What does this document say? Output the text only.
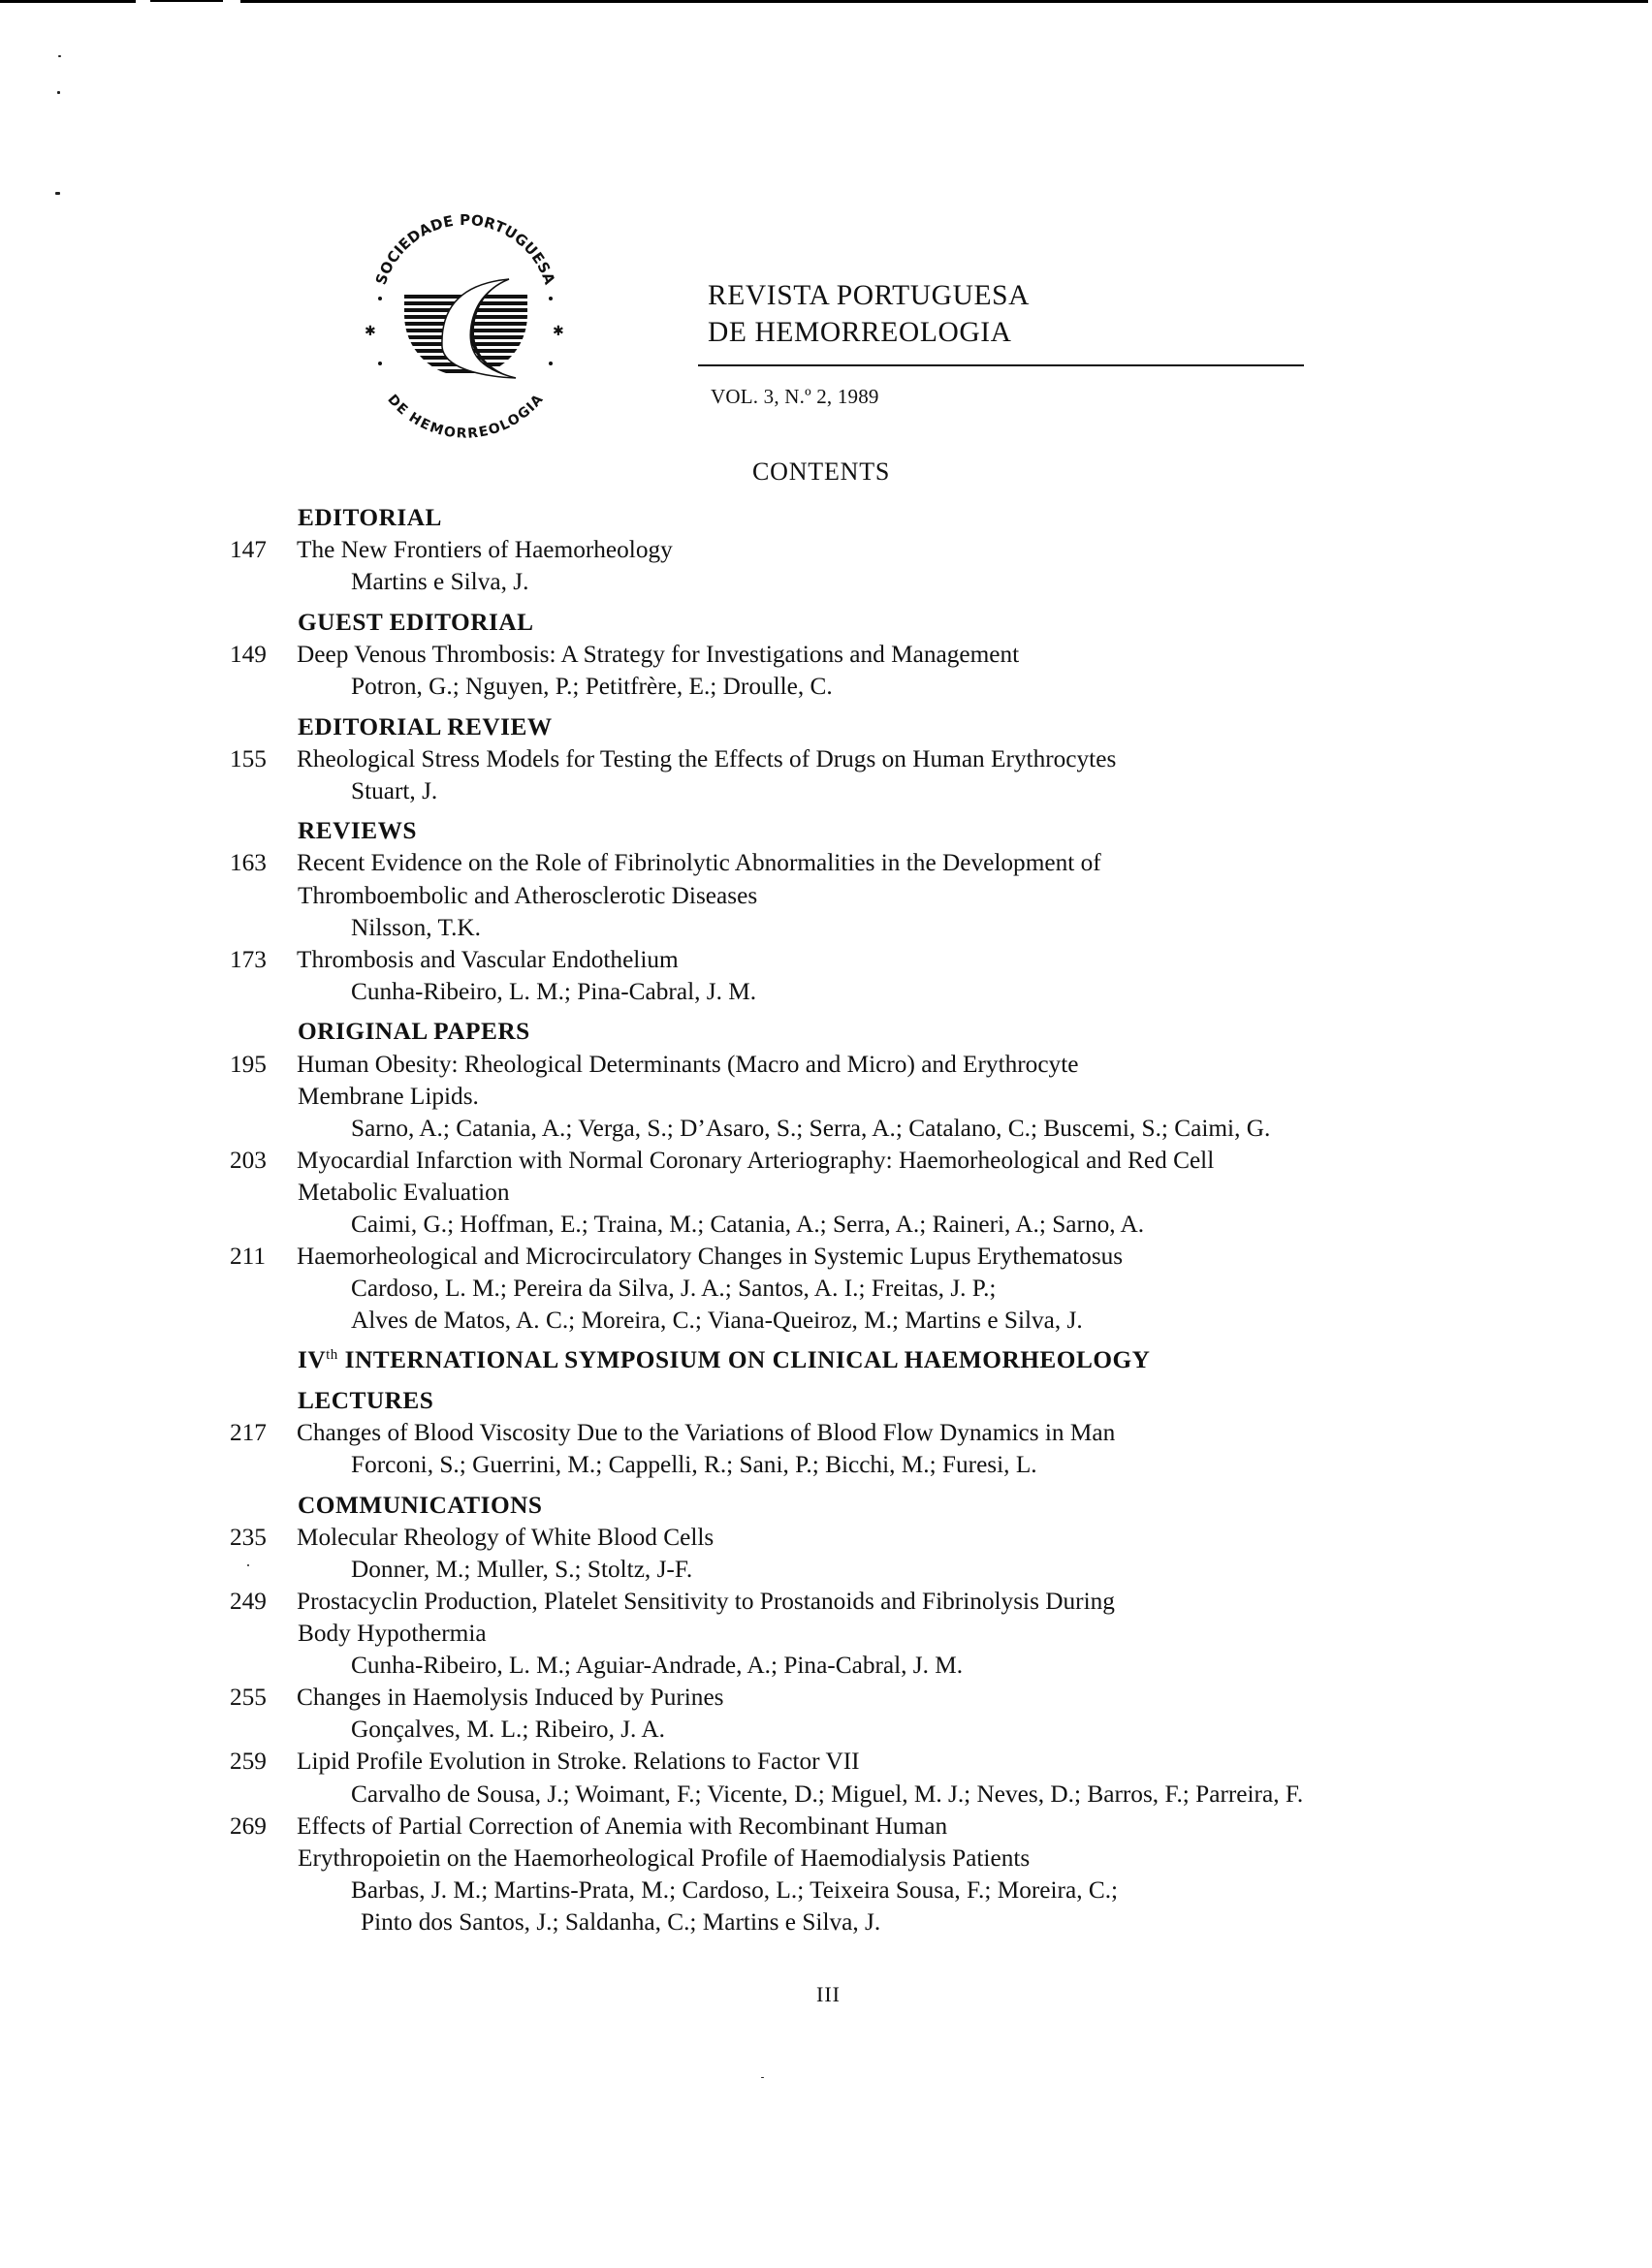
✱	✱
SOCIEDADE PORTUGUESA
DE HEMORREOLOGIA
REVISTA PORTUGUESA
DE HEMORREOLOGIA
VOL. 3, N.º 2, 1989
CONTENTS
EDITORIAL
147 The New Frontiers of Haemorheology
Martins e Silva, J.
GUEST EDITORIAL
149 Deep Venous Thrombosis: A Strategy for Investigations and Management
Potron, G.; Nguyen, P.; Petitfrère, E.; Droulle, C.
EDITORIAL REVIEW
155 Rheological Stress Models for Testing the Effects of Drugs on Human Erythrocytes
Stuart, J.
REVIEWS
163 Recent Evidence on the Role of Fibrinolytic Abnormalities in the Development of
Thromboembolic and Atherosclerotic Diseases
Nilsson, T.K.
173 Thrombosis and Vascular Endothelium
Cunha-Ribeiro, L. M.; Pina-Cabral, J. M.
ORIGINAL PAPERS
195 Human Obesity: Rheological Determinants (Macro and Micro) and Erythrocyte
Membrane Lipids.
Sarno, A.; Catania, A.; Verga, S.; D’Asaro, S.; Serra, A.; Catalano, C.; Buscemi, S.; Caimi, G.
203 Myocardial Infarction with Normal Coronary Arteriography: Haemorheological and Red Cell
Metabolic Evaluation
Caimi, G.; Hoffman, E.; Traina, M.; Catania, A.; Serra, A.; Raineri, A.; Sarno, A.
211 Haemorheological and Microcirculatory Changes in Systemic Lupus Erythematosus
Cardoso, L. M.; Pereira da Silva, J. A.; Santos, A. I.; Freitas, J. P.;
Alves de Matos, A. C.; Moreira, C.; Viana-Queiroz, M.; Martins e Silva, J.
IVth INTERNATIONAL SYMPOSIUM ON CLINICAL HAEMORHEOLOGY
LECTURES
217 Changes of Blood Viscosity Due to the Variations of Blood Flow Dynamics in Man
Forconi, S.; Guerrini, M.; Cappelli, R.; Sani, P.; Bicchi, M.; Furesi, L.
COMMUNICATIONS
235 Molecular Rheology of White Blood Cells
Donner, M.; Muller, S.; Stoltz, J-F.
249 Prostacyclin Production, Platelet Sensitivity to Prostanoids and Fibrinolysis During
Body Hypothermia
Cunha-Ribeiro, L. M.; Aguiar-Andrade, A.; Pina-Cabral, J. M.
255 Changes in Haemolysis Induced by Purines
Gonçalves, M. L.; Ribeiro, J. A.
259 Lipid Profile Evolution in Stroke. Relations to Factor VII
Carvalho de Sousa, J.; Woimant, F.; Vicente, D.; Miguel, M. J.; Neves, D.; Barros, F.; Parreira, F.
269 Effects of Partial Correction of Anemia with Recombinant Human
Erythropoietin on the Haemorheological Profile of Haemodialysis Patients
Barbas, J. M.; Martins-Prata, M.; Cardoso, L.; Teixeira Sousa, F.; Moreira, C.;
Pinto dos Santos, J.; Saldanha, C.; Martins e Silva, J.
III
